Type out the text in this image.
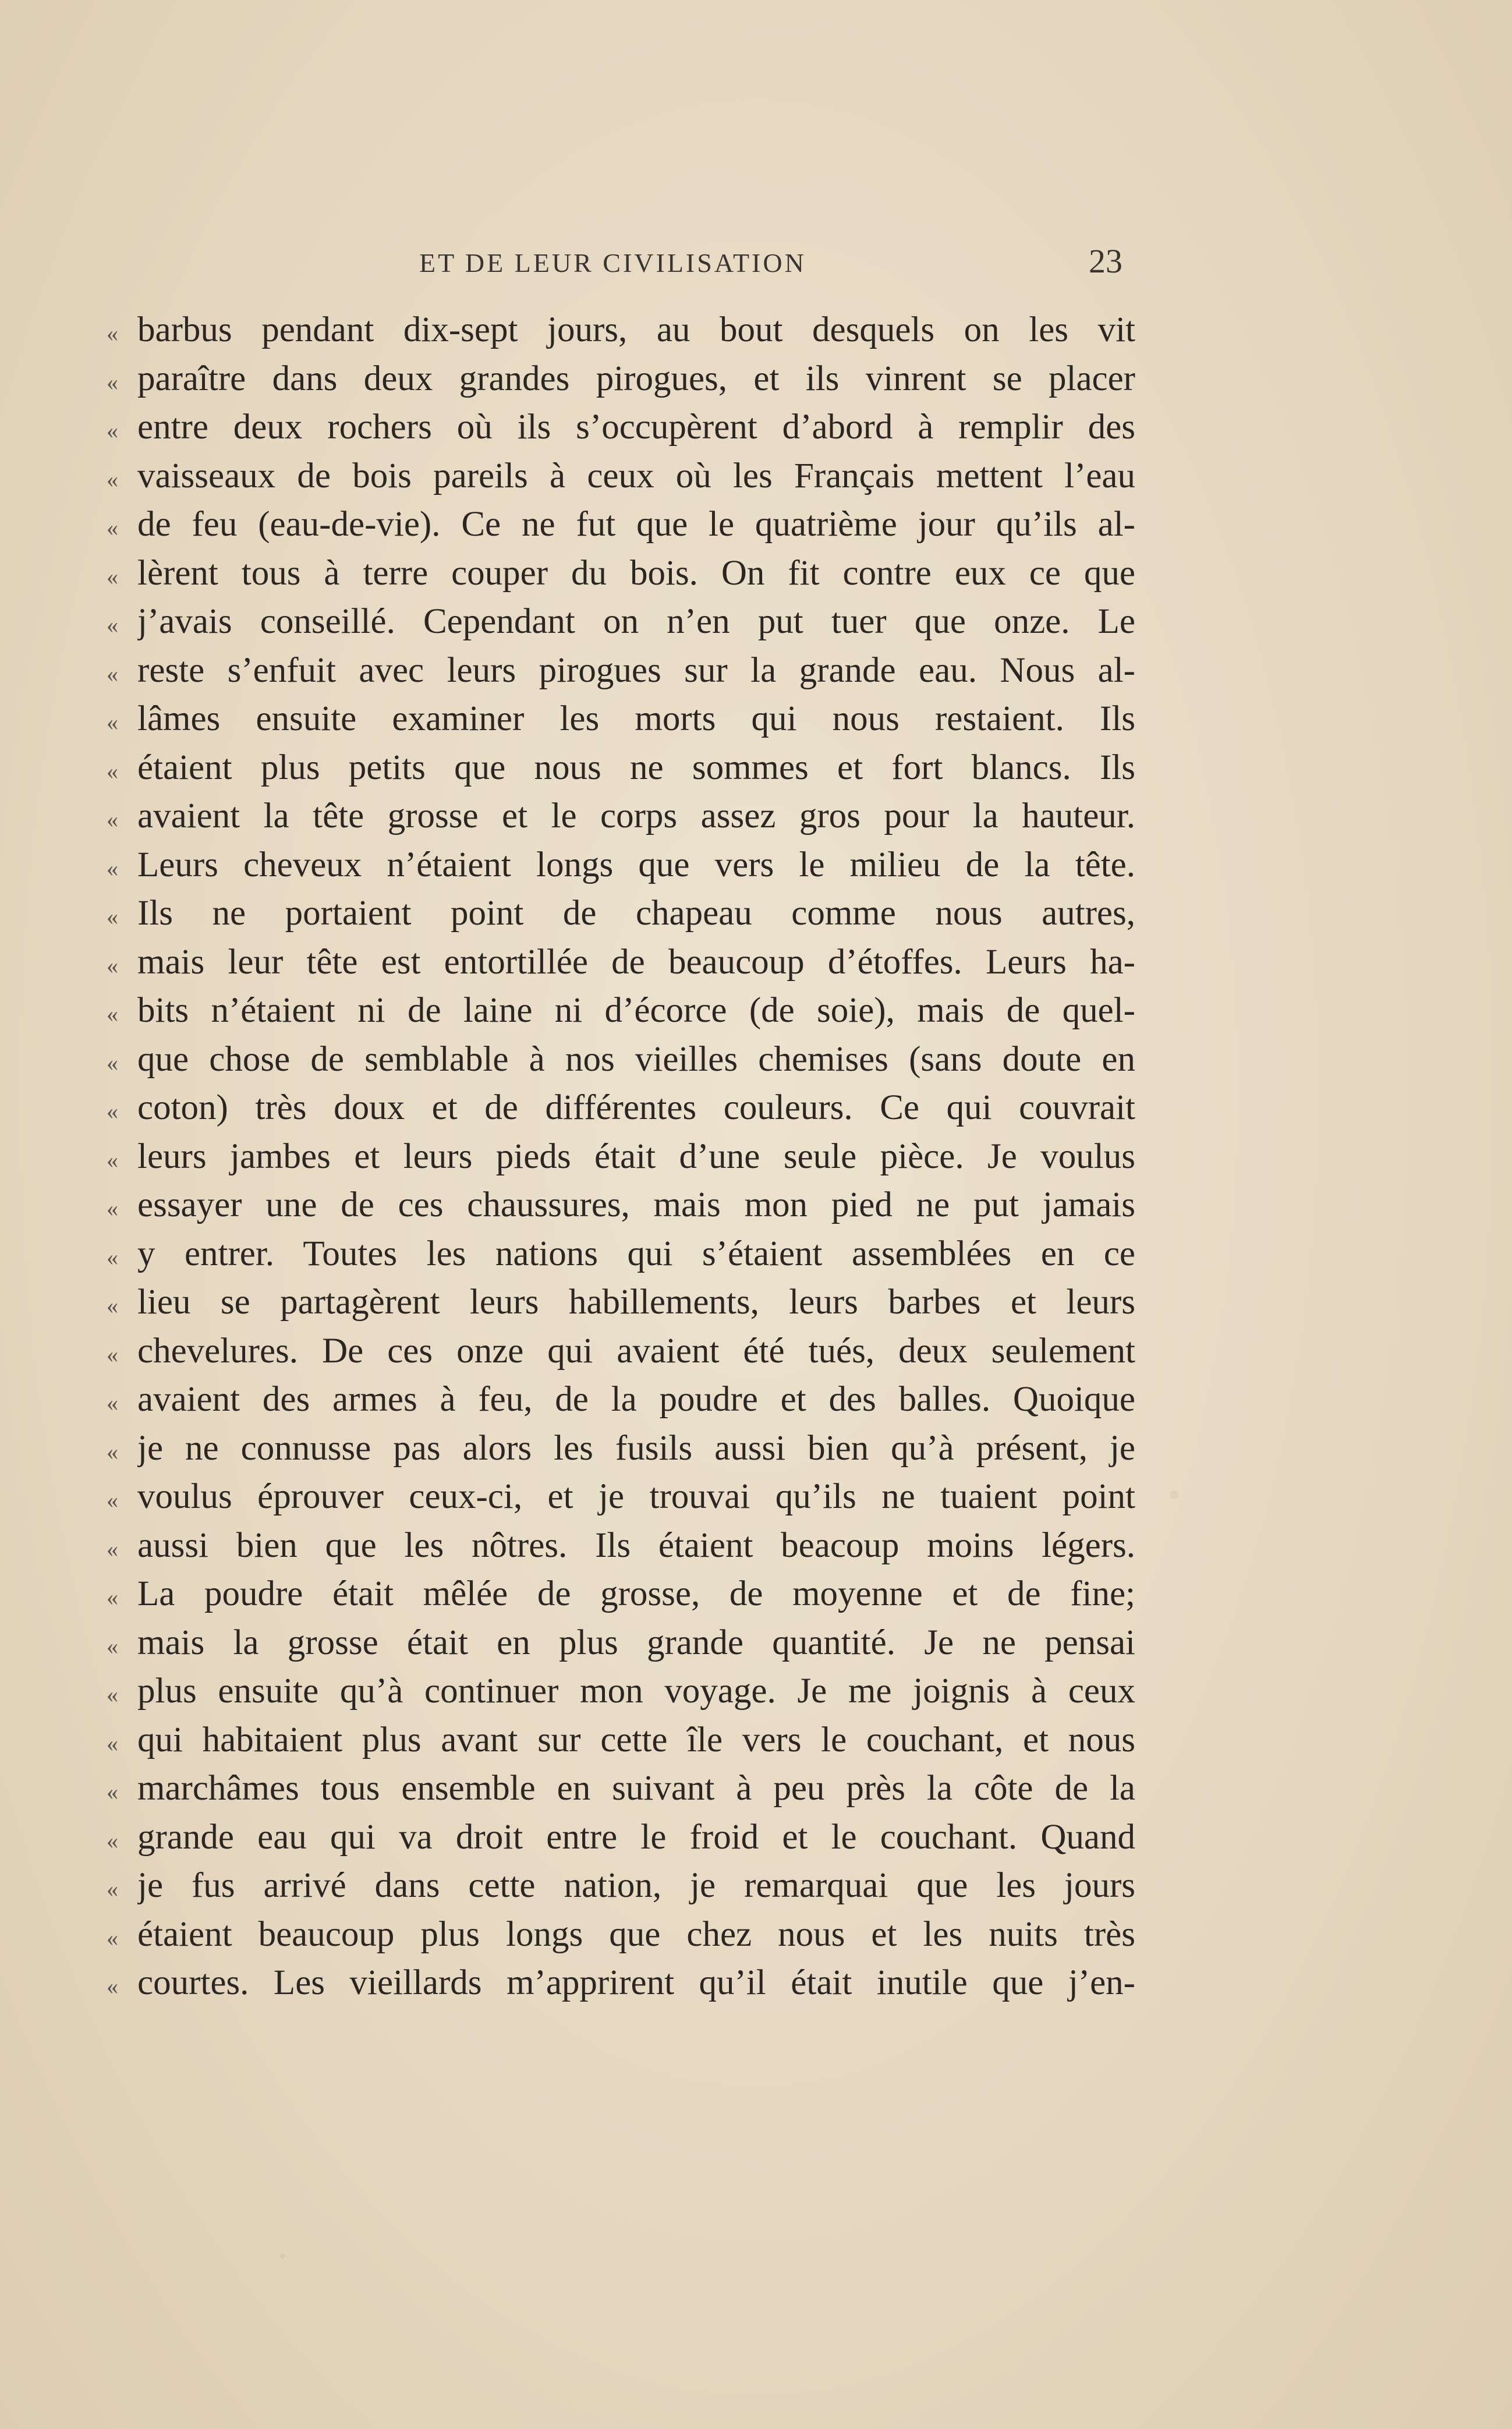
ET DE LEUR CIVILISATION	23
« barbus pendant dix-sept jours, au bout desquels on les vit
« paraître dans deux grandes pirogues, et ils vinrent se placer
« entre deux rochers où ils s’occupèrent d’abord à remplir des
« vaisseaux de bois pareils à ceux où les Français mettent l’eau
« de feu (eau-de-vie). Ce ne fut que le quatrième jour qu’ils al-
« lèrent tous à terre couper du bois. On fit contre eux ce que
« j’avais conseillé. Cependant on n’en put tuer que onze. Le
« reste s’enfuit avec leurs pirogues sur la grande eau. Nous al-
« lâmes ensuite examiner les morts qui nous restaient. Ils
« étaient plus petits que nous ne sommes et fort blancs. Ils
« avaient la tête grosse et le corps assez gros pour la hauteur.
« Leurs cheveux n’étaient longs que vers le milieu de la tête.
« Ils ne portaient point de chapeau comme nous autres,
« mais leur tête est entortillée de beaucoup d’étoffes. Leurs ha-
« bits n’étaient ni de laine ni d’écorce (de soie), mais de quel-
« que chose de semblable à nos vieilles chemises (sans doute en
« coton) très doux et de différentes couleurs. Ce qui couvrait
« leurs jambes et leurs pieds était d’une seule pièce. Je voulus
« essayer une de ces chaussures, mais mon pied ne put jamais
« y entrer. Toutes les nations qui s’étaient assemblées en ce
« lieu se partagèrent leurs habillements, leurs barbes et leurs
« chevelures. De ces onze qui avaient été tués, deux seulement
« avaient des armes à feu, de la poudre et des balles. Quoique
« je ne connusse pas alors les fusils aussi bien qu’à présent, je
« voulus éprouver ceux-ci, et je trouvai qu’ils ne tuaient point
« aussi bien que les nôtres. Ils étaient beacoup moins légers.
« La poudre était mêlée de grosse, de moyenne et de fine;
« mais la grosse était en plus grande quantité. Je ne pensai
« plus ensuite qu’à continuer mon voyage. Je me joignis à ceux
« qui habitaient plus avant sur cette île vers le couchant, et nous
« marchâmes tous ensemble en suivant à peu près la côte de la
« grande eau qui va droit entre le froid et le couchant. Quand
« je fus arrivé dans cette nation, je remarquai que les jours
« étaient beaucoup plus longs que chez nous et les nuits très
« courtes. Les vieillards m’apprirent qu’il était inutile que j’en-
